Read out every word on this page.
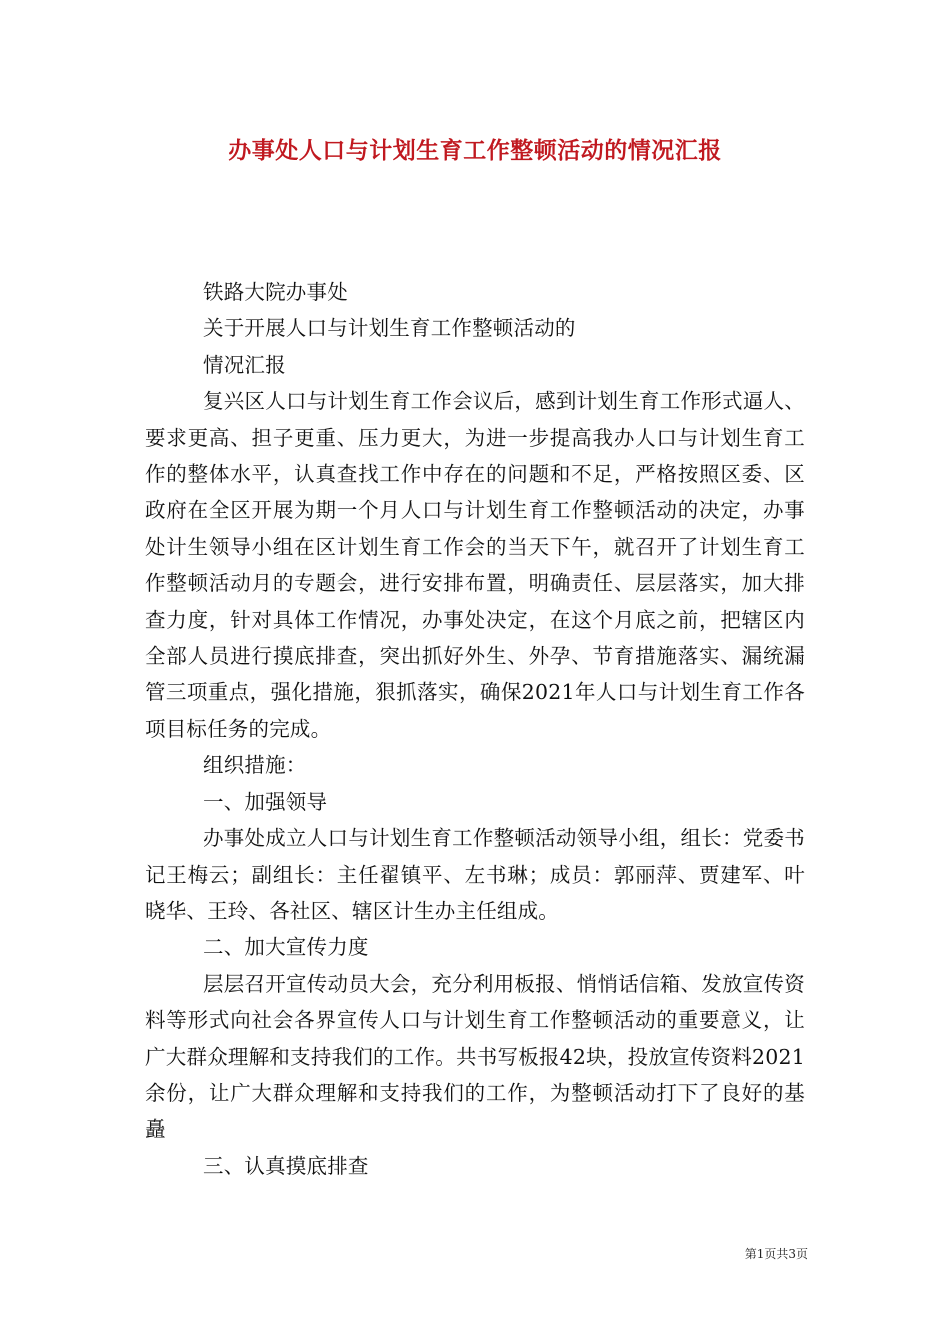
办事处人口与计划生育工作整顿活动的情况汇报

铁路大院办事处

关于开展人口与计划生育工作整顿活动的

情况汇报

复兴区人口与计划生育工作会议后，感到计划生育工作形式逼人、要求更高、担子更重、压力更大，为进一步提高我办人口与计划生育工作的整体水平，认真查找工作中存在的问题和不足，严格按照区委、区政府在全区开展为期一个月人口与计划生育工作整顿活动的决定，办事处计生领导小组在区计划生育工作会的当天下午，就召开了计划生育工作整顿活动月的专题会，进行安排布置，明确责任、层层落实，加大排查力度，针对具体工作情况，办事处决定，在这个月底之前，把辖区内全部人员进行摸底排查，突出抓好外生、外孕、节育措施落实、漏统漏管三项重点，强化措施，狠抓落实，确保2021年人口与计划生育工作各项目标任务的完成。

组织措施：

一、加强领导

办事处成立人口与计划生育工作整顿活动领导小组，组长：党委书记王梅云；副组长：主任翟镇平、左书琳；成员：郭丽萍、贾建军、叶晓华、王玲、各社区、辖区计生办主任组成。

二、加大宣传力度

层层召开宣传动员大会，充分利用板报、悄悄话信箱、发放宣传资料等形式向社会各界宣传人口与计划生育工作整顿活动的重要意义，让广大群众理解和支持我们的工作。共书写板报42块，投放宣传资料2021余份，让广大群众理解和支持我们的工作，为整顿活动打下了良好的基矗

三、认真摸底排查

第1页共3页
